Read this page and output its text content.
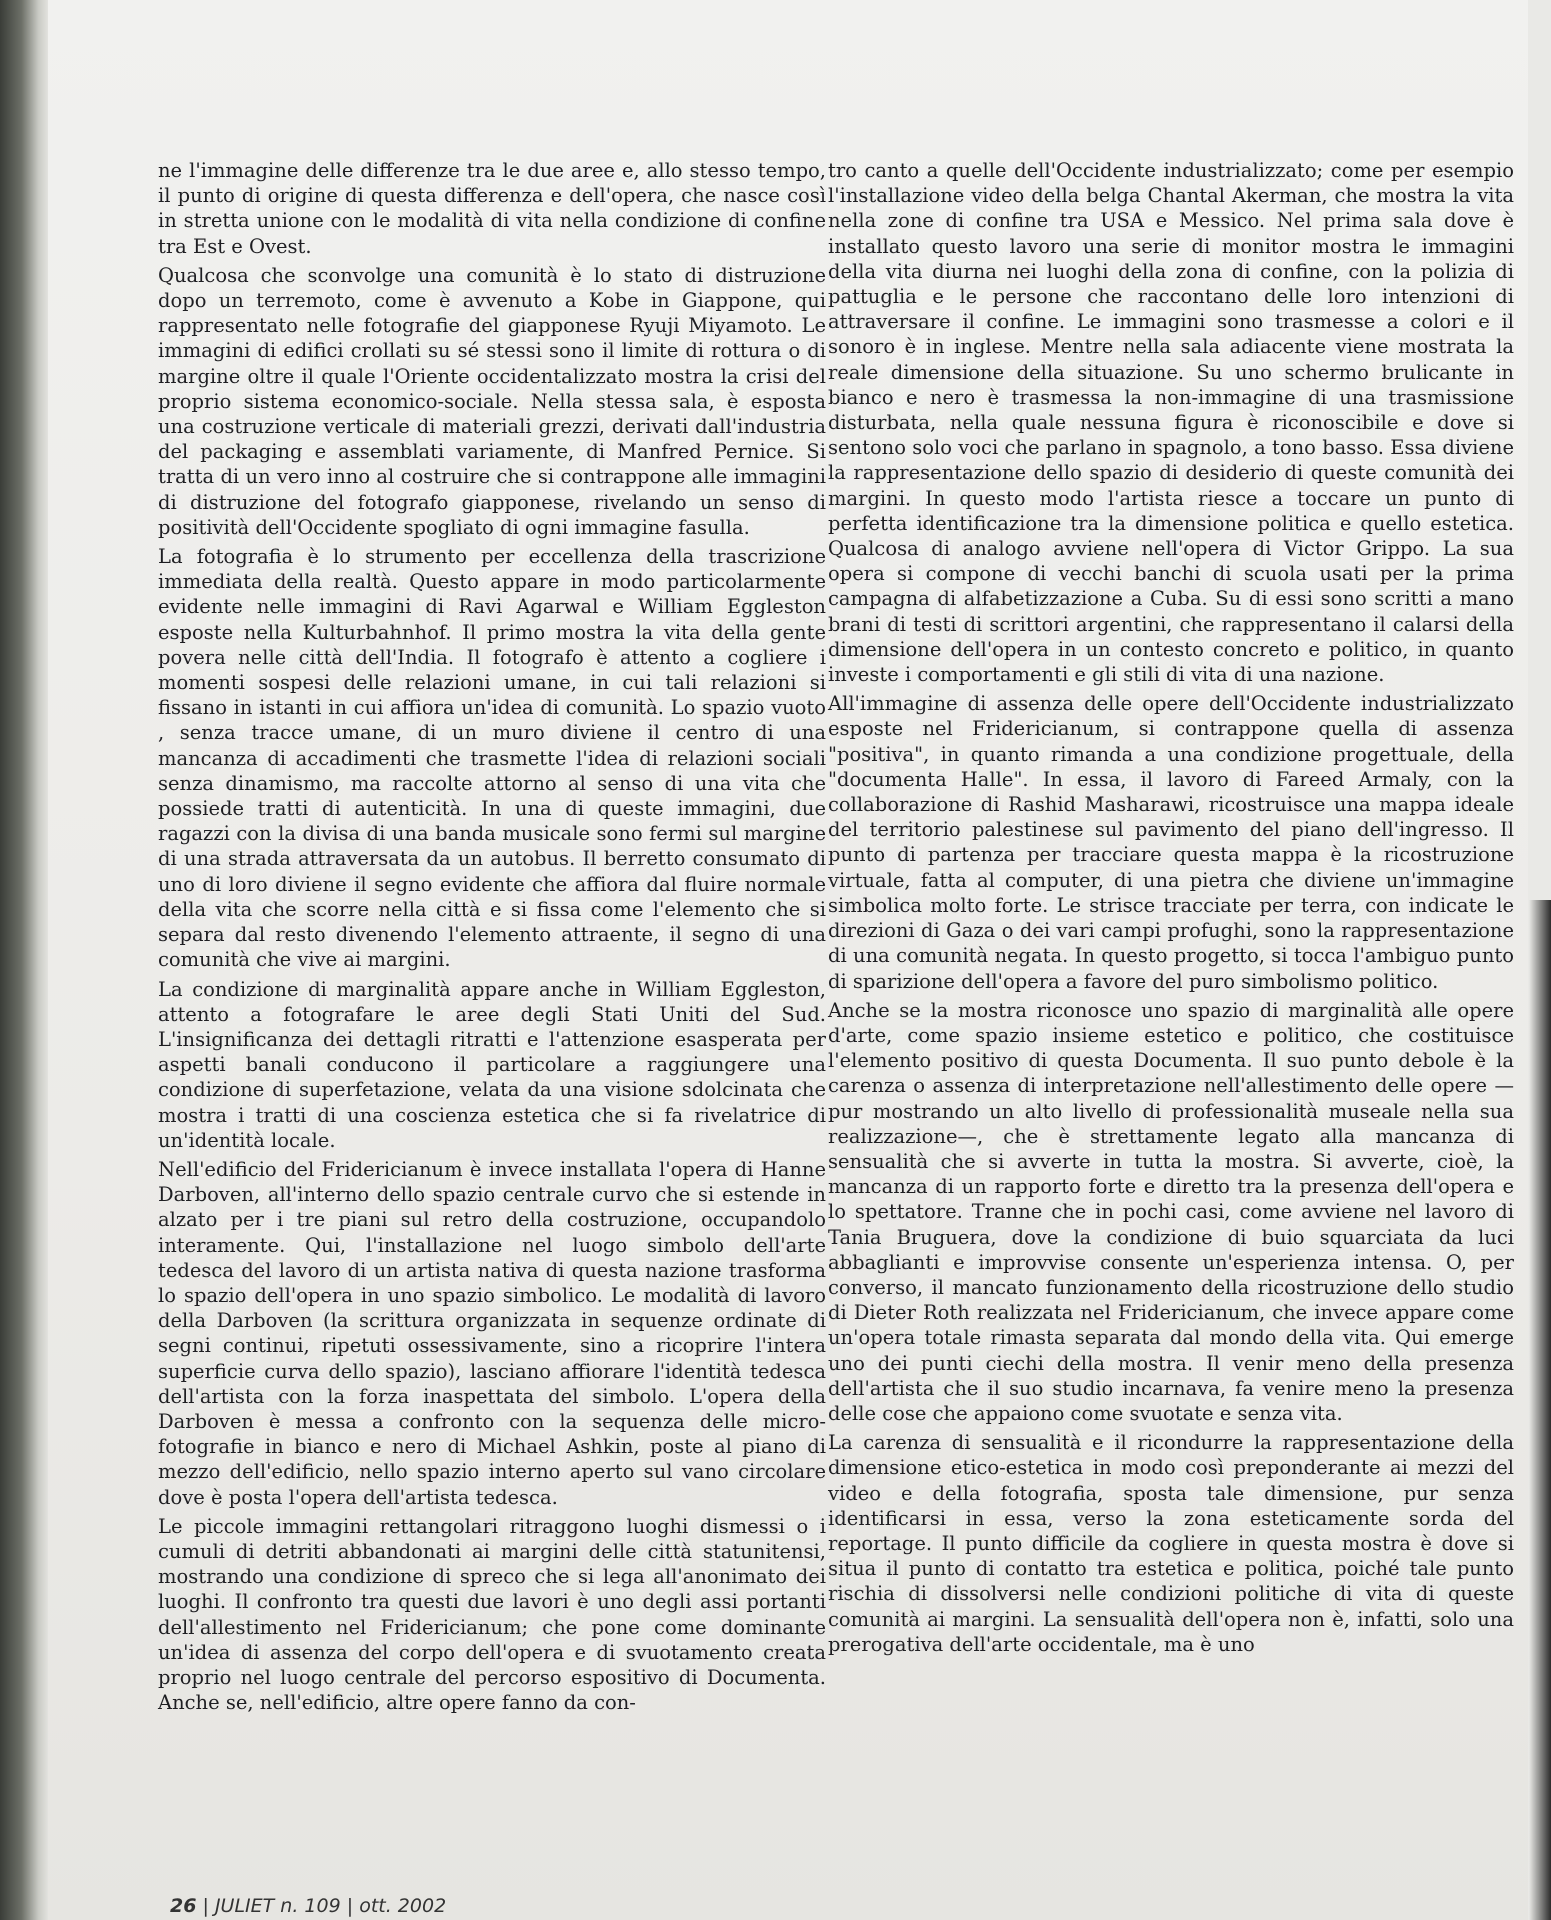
ne l'immagine delle differenze tra le due aree e, allo stesso tempo, il punto di origine di questa differenza e dell'opera, che nasce così in stretta unione con le modalità di vita nella condizione di confine tra Est e Ovest.

Qualcosa che sconvolge una comunità è lo stato di distruzione dopo un terremoto, come è avvenuto a Kobe in Giappone, qui rappresentato nelle fotografie del giapponese Ryuji Miyamoto. Le immagini di edifici crollati su sé stessi sono il limite di rottura o di margine oltre il quale l'Oriente occidentalizzato mostra la crisi del proprio sistema economico-sociale. Nella stessa sala, è esposta una costruzione verticale di materiali grezzi, derivati dall'industria del packaging e assemblati variamente, di Manfred Pernice. Si tratta di un vero inno al costruire che si contrappone alle immagini di distruzione del fotografo giapponese, rivelando un senso di positività dell'Occidente spogliato di ogni immagine fasulla.

La fotografia è lo strumento per eccellenza della trascrizione immediata della realtà. Questo appare in modo particolarmente evidente nelle immagini di Ravi Agarwal e William Eggleston esposte nella Kulturbahnhof. Il primo mostra la vita della gente povera nelle città dell'India. Il fotografo è attento a cogliere i momenti sospesi delle relazioni umane, in cui tali relazioni si fissano in istanti in cui affiora un'idea di comunità. Lo spazio vuoto , senza tracce umane, di un muro diviene il centro di una mancanza di accadimenti che trasmette l'idea di relazioni sociali senza dinamismo, ma raccolte attorno al senso di una vita che possiede tratti di autenticità. In una di queste immagini, due ragazzi con la divisa di una banda musicale sono fermi sul margine di una strada attraversata da un autobus. Il berretto consumato di uno di loro diviene il segno evidente che affiora dal fluire normale della vita che scorre nella città e si fissa come l'elemento che si separa dal resto divenendo l'elemento attraente, il segno di una comunità che vive ai margini.

La condizione di marginalità appare anche in William Eggleston, attento a fotografare le aree degli Stati Uniti del Sud. L'insignificanza dei dettagli ritratti e l'attenzione esasperata per aspetti banali conducono il particolare a raggiungere una condizione di superfetazione, velata da una visione sdolcinata che mostra i tratti di una coscienza estetica che si fa rivelatrice di un'identità locale.

Nell'edificio del Fridericianum è invece installata l'opera di Hanne Darboven, all'interno dello spazio centrale curvo che si estende in alzato per i tre piani sul retro della costruzione, occupandolo interamente. Qui, l'installazione nel luogo simbolo dell'arte tedesca del lavoro di un artista nativa di questa nazione trasforma lo spazio dell'opera in uno spazio simbolico. Le modalità di lavoro della Darboven (la scrittura organizzata in sequenze ordinate di segni continui, ripetuti ossessivamente, sino a ricoprire l'intera superficie curva dello spazio), lasciano affiorare l'identità tedesca dell'artista con la forza inaspettata del simbolo. L'opera della Darboven è messa a confronto con la sequenza delle micro-fotografie in bianco e nero di Michael Ashkin, poste al piano di mezzo dell'edificio, nello spazio interno aperto sul vano circolare dove è posta l'opera dell'artista tedesca.

Le piccole immagini rettangolari ritraggono luoghi dismessi o i cumuli di detriti abbandonati ai margini delle città statunitensi, mostrando una condizione di spreco che si lega all'anonimato dei luoghi. Il confronto tra questi due lavori è uno degli assi portanti dell'allestimento nel Fridericianum; che pone come dominante un'idea di assenza del corpo dell'opera e di svuotamento creata proprio nel luogo centrale del percorso espositivo di Documenta. Anche se, nell'edificio, altre opere fanno da con-

tro canto a quelle dell'Occidente industrializzato; come per esempio l'installazione video della belga Chantal Akerman, che mostra la vita nella zone di confine tra USA e Messico. Nel prima sala dove è installato questo lavoro una serie di monitor mostra le immagini della vita diurna nei luoghi della zona di confine, con la polizia di pattuglia e le persone che raccontano delle loro intenzioni di attraversare il confine. Le immagini sono trasmesse a colori e il sonoro è in inglese. Mentre nella sala adiacente viene mostrata la reale dimensione della situazione. Su uno schermo brulicante in bianco e nero è trasmessa la non-immagine di una trasmissione disturbata, nella quale nessuna figura è riconoscibile e dove si sentono solo voci che parlano in spagnolo, a tono basso. Essa diviene la rappresentazione dello spazio di desiderio di queste comunità dei margini. In questo modo l'artista riesce a toccare un punto di perfetta identificazione tra la dimensione politica e quello estetica. Qualcosa di analogo avviene nell'opera di Victor Grippo. La sua opera si compone di vecchi banchi di scuola usati per la prima campagna di alfabetizzazione a Cuba. Su di essi sono scritti a mano brani di testi di scrittori argentini, che rappresentano il calarsi della dimensione dell'opera in un contesto concreto e politico, in quanto investe i comportamenti e gli stili di vita di una nazione.

All'immagine di assenza delle opere dell'Occidente industrializzato esposte nel Fridericianum, si contrappone quella di assenza "positiva", in quanto rimanda a una condizione progettuale, della "documenta Halle". In essa, il lavoro di Fareed Armaly, con la collaborazione di Rashid Masharawi, ricostruisce una mappa ideale del territorio palestinese sul pavimento del piano dell'ingresso. Il punto di partenza per tracciare questa mappa è la ricostruzione virtuale, fatta al computer, di una pietra che diviene un'immagine simbolica molto forte. Le strisce tracciate per terra, con indicate le direzioni di Gaza o dei vari campi profughi, sono la rappresentazione di una comunità negata. In questo progetto, si tocca l'ambiguo punto di sparizione dell'opera a favore del puro simbolismo politico.

Anche se la mostra riconosce uno spazio di marginalità alle opere d'arte, come spazio insieme estetico e politico, che costituisce l'elemento positivo di questa Documenta. Il suo punto debole è la carenza o assenza di interpretazione nell'allestimento delle opere —pur mostrando un alto livello di professionalità museale nella sua realizzazione—, che è strettamente legato alla mancanza di sensualità che si avverte in tutta la mostra. Si avverte, cioè, la mancanza di un rapporto forte e diretto tra la presenza dell'opera e lo spettatore. Tranne che in pochi casi, come avviene nel lavoro di Tania Bruguera, dove la condizione di buio squarciata da luci abbaglianti e improvvise consente un'esperienza intensa. O, per converso, il mancato funzionamento della ricostruzione dello studio di Dieter Roth realizzata nel Fridericianum, che invece appare come un'opera totale rimasta separata dal mondo della vita. Qui emerge uno dei punti ciechi della mostra. Il venir meno della presenza dell'artista che il suo studio incarnava, fa venire meno la presenza delle cose che appaiono come svuotate e senza vita.

La carenza di sensualità e il ricondurre la rappresentazione della dimensione etico-estetica in modo così preponderante ai mezzi del video e della fotografia, sposta tale dimensione, pur senza identificarsi in essa, verso la zona esteticamente sorda del reportage. Il punto difficile da cogliere in questa mostra è dove si situa il punto di contatto tra estetica e politica, poiché tale punto rischia di dissolversi nelle condizioni politiche di vita di queste comunità ai margini. La sensualità dell'opera non è, infatti, solo una prerogativa dell'arte occidentale, ma è uno

26 | JULIET n. 109 | ott. 2002
